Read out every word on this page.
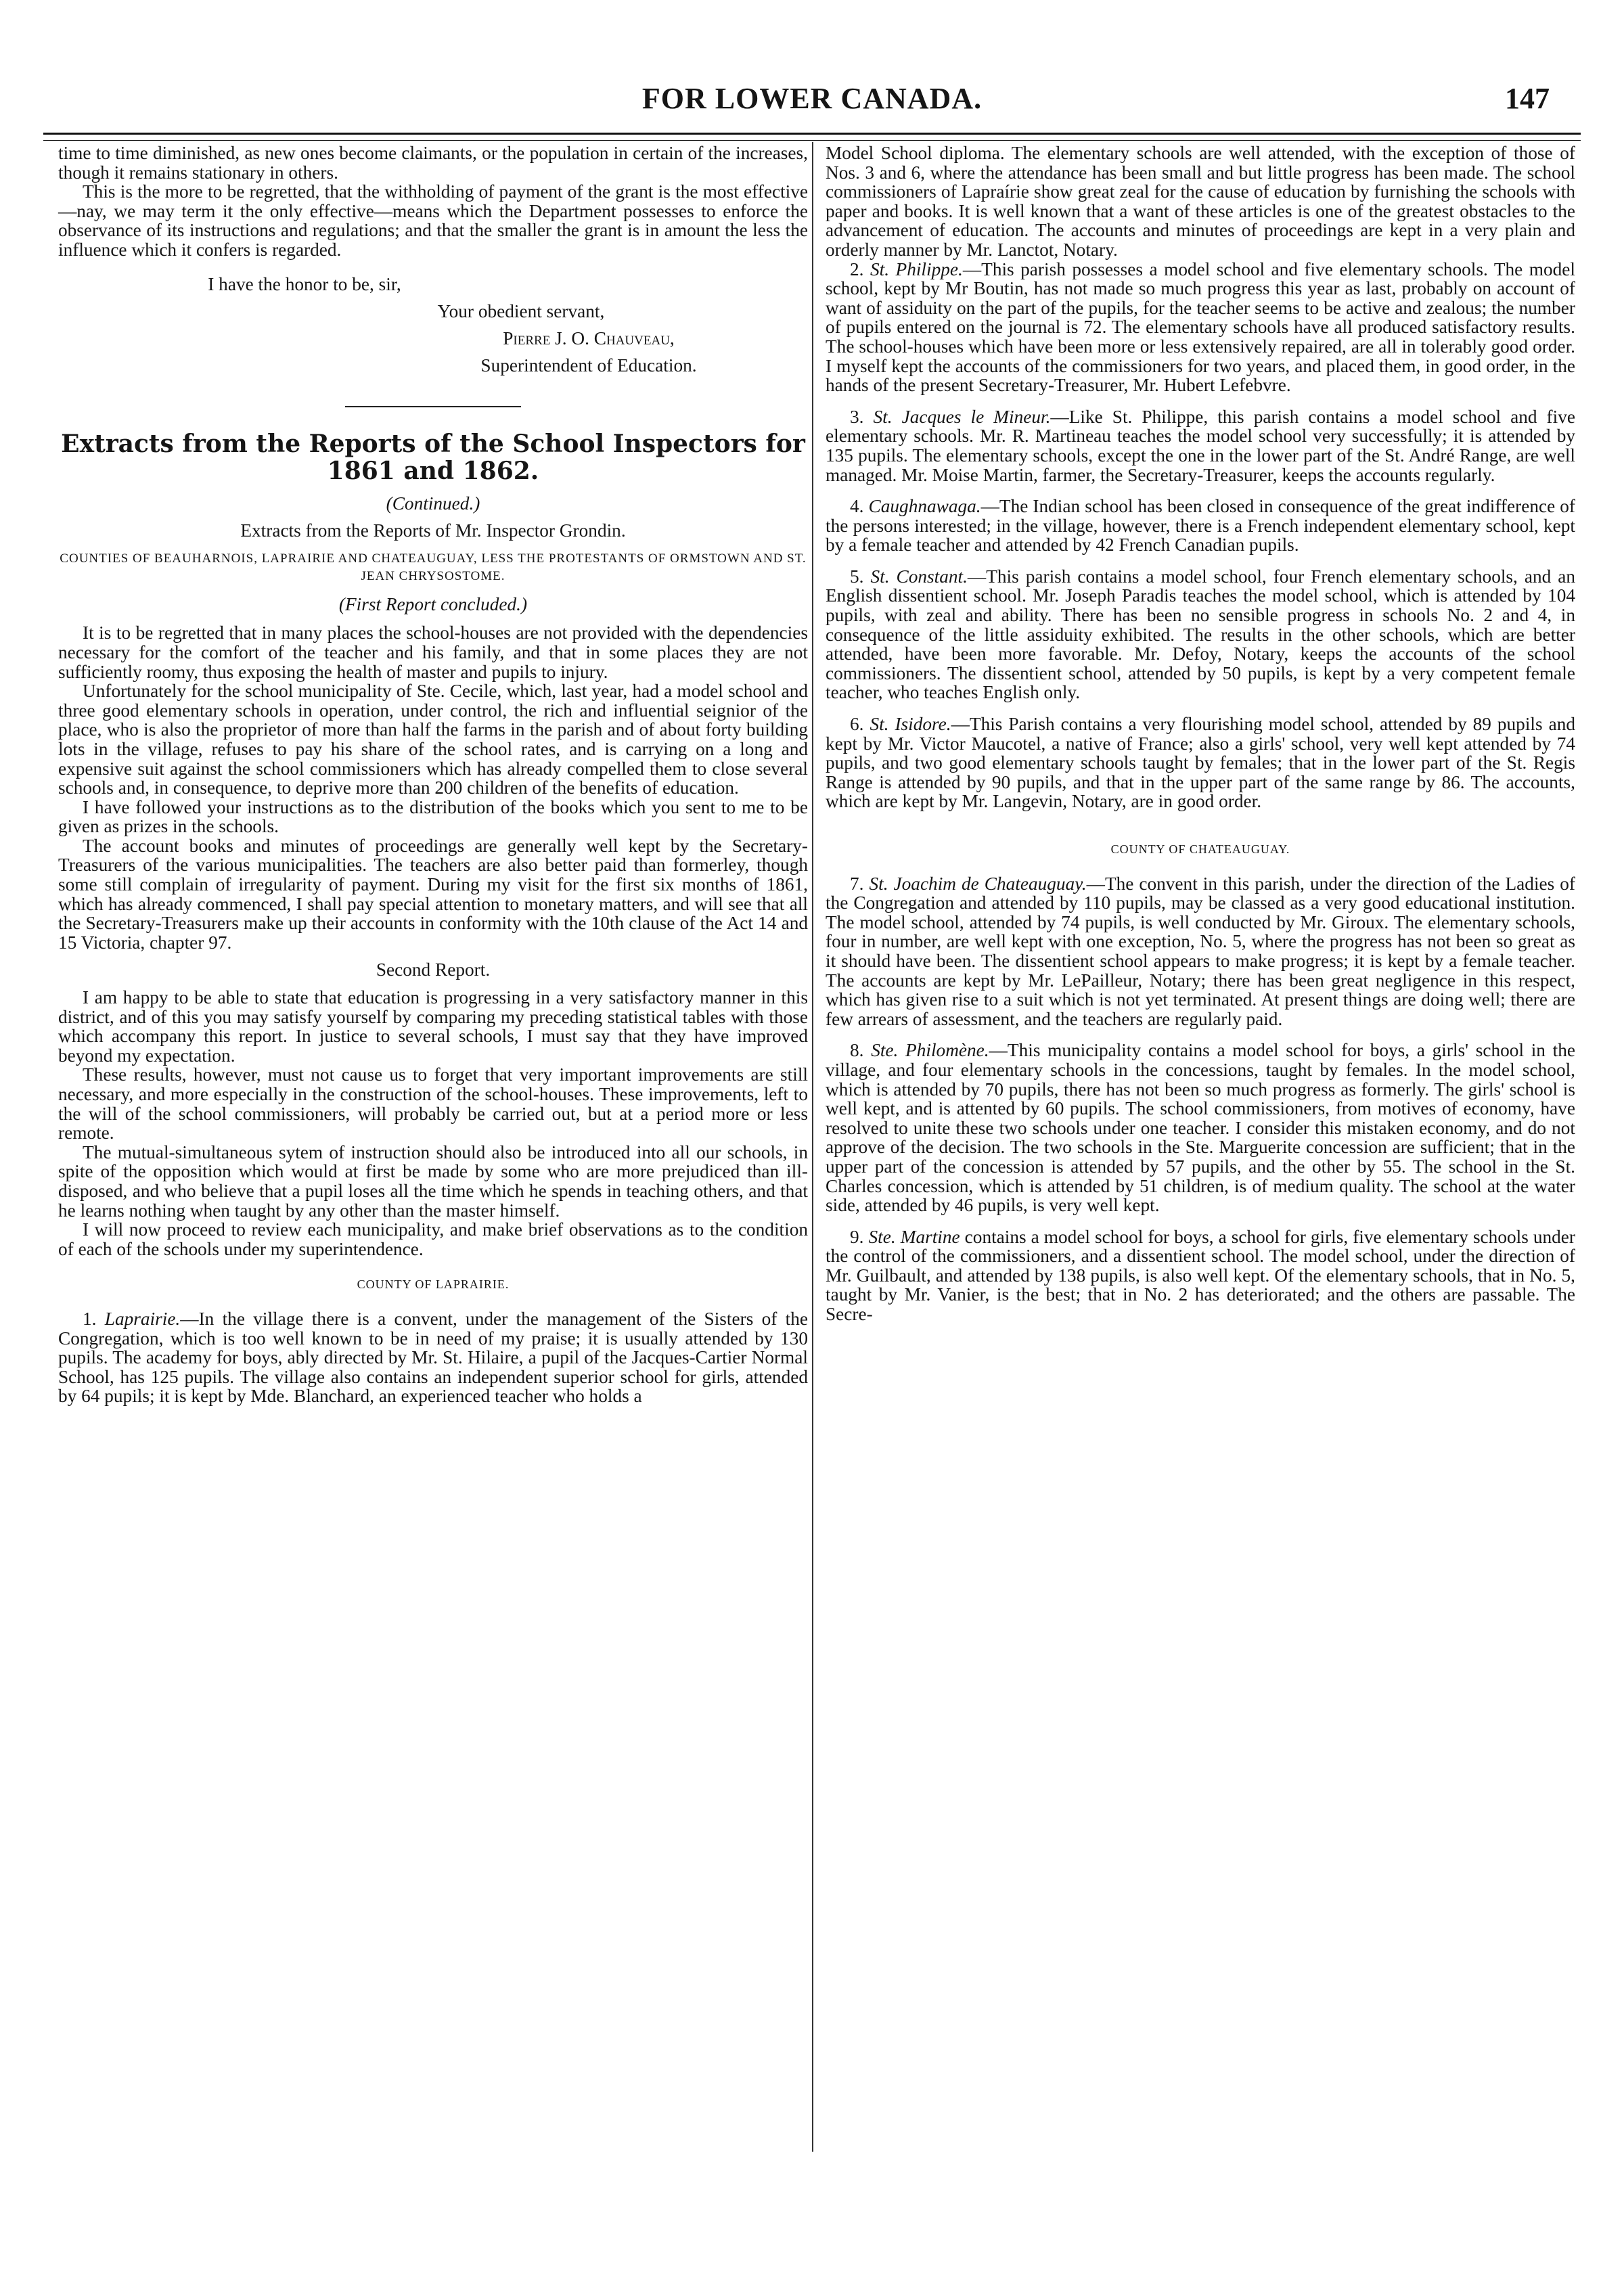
FOR LOWER CANADA.	147

time to time diminished, as new ones become claimants, or the population in certain of the increases, though it remains stationary in others.

This is the more to be regretted, that the withholding of payment of the grant is the most effective—nay, we may term it the only effective—means which the Department possesses to enforce the observance of its instructions and regulations; and that the smaller the grant is in amount the less the influence which it confers is regarded.

I have the honor to be, sir,
Your obedient servant,
Pierre J. O. Chauveau,
Superintendent of Education.
Extracts from the Reports of the School Inspectors for 1861 and 1862.
(Continued.)
Extracts from the Reports of Mr. Inspector Grondin.
COUNTIES OF BEAUHARNOIS, LAPRAIRIE AND CHATEAUGUAY, LESS THE PROTESTANTS OF ORMSTOWN AND ST. JEAN CHRYSOSTOME.
(First Report concluded.)

It is to be regretted that in many places the school-houses are not provided with the dependencies necessary for the comfort of the teacher and his family, and that in some places they are not sufficiently roomy, thus exposing the health of master and pupils to injury.

Unfortunately for the school municipality of Ste. Cecile, which, last year, had a model school and three good elementary schools in operation, under control, the rich and influential seignior of the place, who is also the proprietor of more than half the farms in the parish and of about forty building lots in the village, refuses to pay his share of the school rates, and is carrying on a long and expensive suit against the school commissioners which has already compelled them to close several schools and, in consequence, to deprive more than 200 children of the benefits of education.

I have followed your instructions as to the distribution of the books which you sent to me to be given as prizes in the schools.

The account books and minutes of proceedings are generally well kept by the Secretary-Treasurers of the various municipalities. The teachers are also better paid than formerley, though some still complain of irregularity of payment. During my visit for the first six months of 1861, which has already commenced, I shall pay special attention to monetary matters, and will see that all the Secretary-Treasurers make up their accounts in conformity with the 10th clause of the Act 14 and 15 Victoria, chapter 97.

Second Report.

I am happy to be able to state that education is progressing in a very satisfactory manner in this district, and of this you may satisfy yourself by comparing my preceding statistical tables with those which accompany this report. In justice to several schools, I must say that they have improved beyond my expectation.

These results, however, must not cause us to forget that very important improvements are still necessary, and more especially in the construction of the school-houses. These improvements, left to the will of the school commissioners, will probably be carried out, but at a period more or less remote.

The mutual-simultaneous sytem of instruction should also be introduced into all our schools, in spite of the opposition which would at first be made by some who are more prejudiced than ill-disposed, and who believe that a pupil loses all the time which he spends in teaching others, and that he learns nothing when taught by any other than the master himself.

I will now proceed to review each municipality, and make brief observations as to the condition of each of the schools under my superintendence.

COUNTY OF LAPRAIRIE.

1. Laprairie.—In the village there is a convent, under the management of the Sisters of the Congregation, which is too well known to be in need of my praise; it is usually attended by 130 pupils. The academy for boys, ably directed by Mr. St. Hilaire, a pupil of the Jacques-Cartier Normal School, has 125 pupils. The village also contains an independent superior school for girls, attended by 64 pupils; it is kept by Mde. Blanchard, an experienced teacher who holds a

Model School diploma. The elementary schools are well attended, with the exception of those of Nos. 3 and 6, where the attendance has been small and but little progress has been made. The school commissioners of Lapraírie show great zeal for the cause of education by furnishing the schools with paper and books. It is well known that a want of these articles is one of the greatest obstacles to the advancement of education. The accounts and minutes of proceedings are kept in a very plain and orderly manner by Mr. Lanctot, Notary.

2. St. Philippe.—This parish possesses a model school and five elementary schools. The model school, kept by Mr Boutin, has not made so much progress this year as last, probably on account of want of assiduity on the part of the pupils, for the teacher seems to be active and zealous; the number of pupils entered on the journal is 72. The elementary schools have all produced satisfactory results. The school-houses which have been more or less extensively repaired, are all in tolerably good order. I myself kept the accounts of the commissioners for two years, and placed them, in good order, in the hands of the present Secretary-Treasurer, Mr. Hubert Lefebvre.

3. St. Jacques le Mineur.—Like St. Philippe, this parish contains a model school and five elementary schools. Mr. R. Martineau teaches the model school very successfully; it is attended by 135 pupils. The elementary schools, except the one in the lower part of the St. André Range, are well managed. Mr. Moise Martin, farmer, the Secretary-Treasurer, keeps the accounts regularly.

4. Caughnawaga.—The Indian school has been closed in consequence of the great indifference of the persons interested; in the village, however, there is a French independent elementary school, kept by a female teacher and attended by 42 French Canadian pupils.

5. St. Constant.—This parish contains a model school, four French elementary schools, and an English dissentient school. Mr. Joseph Paradis teaches the model school, which is attended by 104 pupils, with zeal and ability. There has been no sensible progress in schools No. 2 and 4, in consequence of the little assiduity exhibited. The results in the other schools, which are better attended, have been more favorable. Mr. Defoy, Notary, keeps the accounts of the school commissioners. The dissentient school, attended by 50 pupils, is kept by a very competent female teacher, who teaches English only.

6. St. Isidore.—This Parish contains a very flourishing model school, attended by 89 pupils and kept by Mr. Victor Maucotel, a native of France; also a girls' school, very well kept attended by 74 pupils, and two good elementary schools taught by females; that in the lower part of the St. Regis Range is attended by 90 pupils, and that in the upper part of the same range by 86. The accounts, which are kept by Mr. Langevin, Notary, are in good order.

COUNTY OF CHATEAUGUAY.

7. St. Joachim de Chateauguay.—The convent in this parish, under the direction of the Ladies of the Congregation and attended by 110 pupils, may be classed as a very good educational institution. The model school, attended by 74 pupils, is well conducted by Mr. Giroux. The elementary schools, four in number, are well kept with one exception, No. 5, where the progress has not been so great as it should have been. The dissentient school appears to make progress; it is kept by a female teacher. The accounts are kept by Mr. LePailleur, Notary; there has been great negligence in this respect, which has given rise to a suit which is not yet terminated. At present things are doing well; there are few arrears of assessment, and the teachers are regularly paid.

8. Ste. Philomène.—This municipality contains a model school for boys, a girls' school in the village, and four elementary schools in the concessions, taught by females. In the model school, which is attended by 70 pupils, there has not been so much progress as formerly. The girls' school is well kept, and is attented by 60 pupils. The school commissioners, from motives of economy, have resolved to unite these two schools under one teacher. I consider this mistaken economy, and do not approve of the decision. The two schools in the Ste. Marguerite concession are sufficient; that in the upper part of the concession is attended by 57 pupils, and the other by 55. The school in the St. Charles concession, which is attended by 51 children, is of medium quality. The school at the water side, attended by 46 pupils, is very well kept.

9. Ste. Martine contains a model school for boys, a school for girls, five elementary schools under the control of the commissioners, and a dissentient school. The model school, under the direction of Mr. Guilbault, and attended by 138 pupils, is also well kept. Of the elementary schools, that in No. 5, taught by Mr. Vanier, is the best; that in No. 2 has deteriorated; and the others are passable. The Secre-
